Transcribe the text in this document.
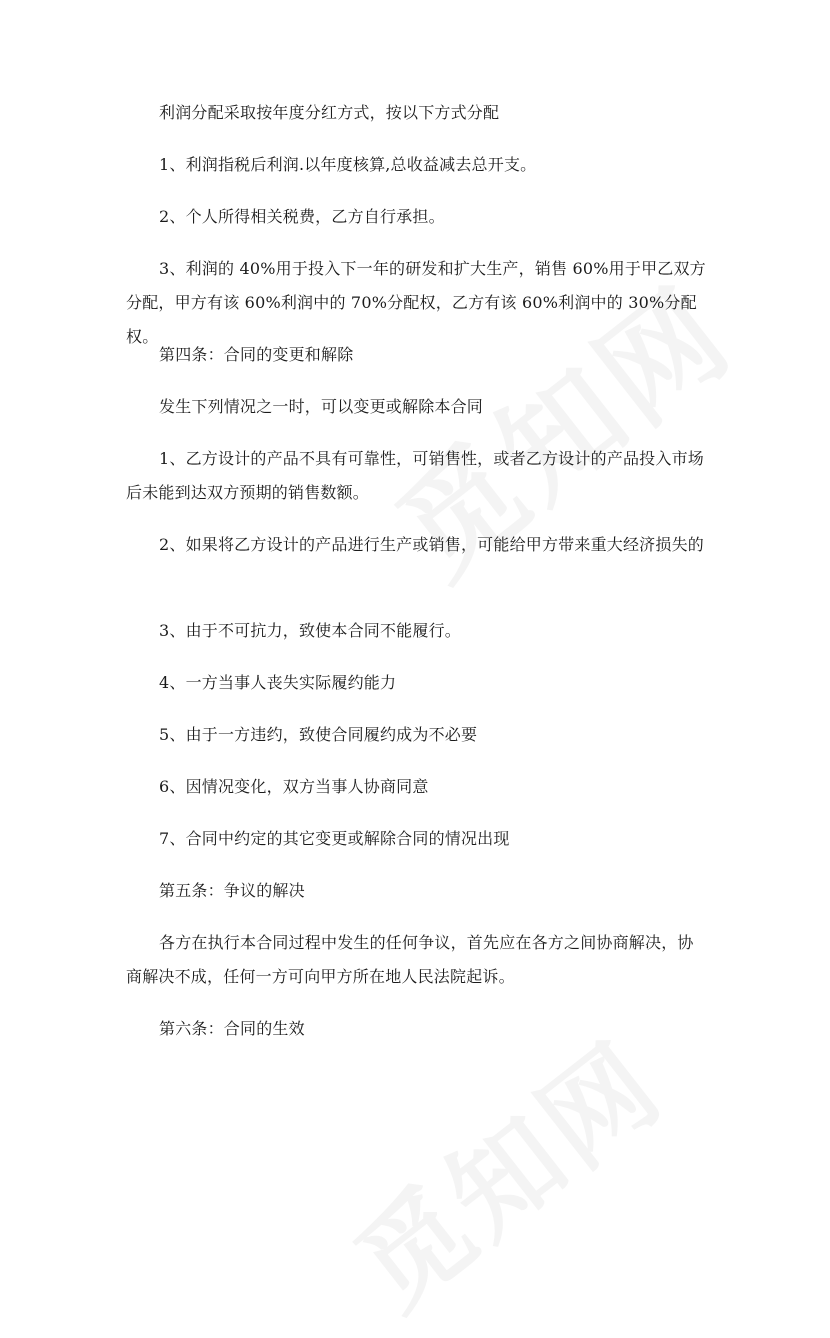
利润分配采取按年度分红方式，按以下方式分配

1、利润指税后利润.以年度核算,总收益减去总开支。

2、个人所得相关税费，乙方自行承担。

3、利润的 40%用于投入下一年的研发和扩大生产，销售 60%用于甲乙双方分配，甲方有该 60%利润中的 70%分配权，乙方有该 60%利润中的 30%分配权。

第四条：合同的变更和解除

发生下列情况之一时，可以变更或解除本合同

1、乙方设计的产品不具有可靠性，可销售性，或者乙方设计的产品投入市场后未能到达双方预期的销售数额。

2、如果将乙方设计的产品进行生产或销售，可能给甲方带来重大经济损失的

3、由于不可抗力，致使本合同不能履行。

4、一方当事人丧失实际履约能力

5、由于一方违约，致使合同履约成为不必要

6、因情况变化，双方当事人协商同意

7、合同中约定的其它变更或解除合同的情况出现

第五条：争议的解决

各方在执行本合同过程中发生的任何争议，首先应在各方之间协商解决，协商解决不成，任何一方可向甲方所在地人民法院起诉。

第六条：合同的生效
